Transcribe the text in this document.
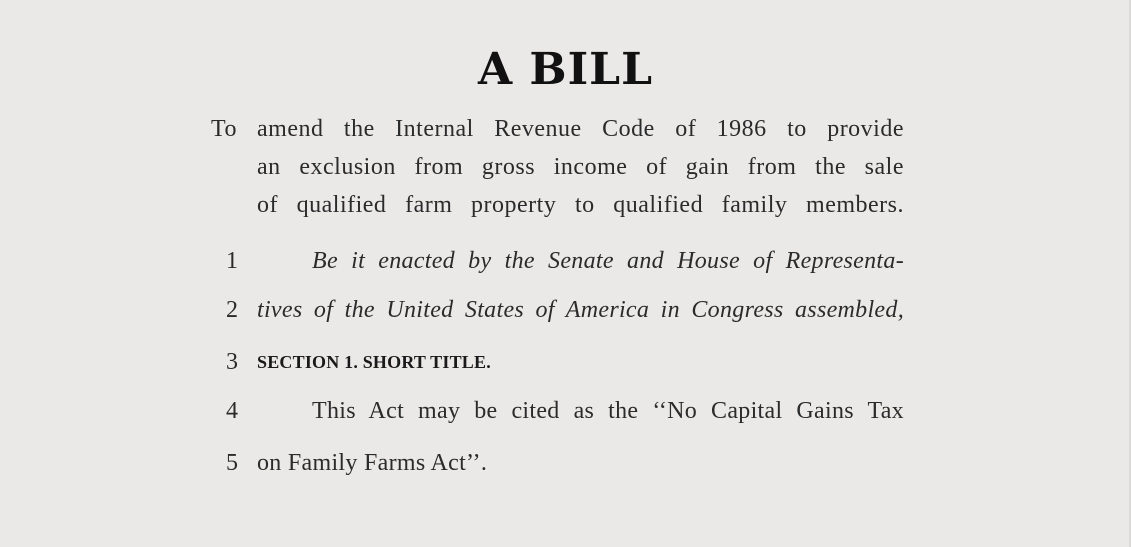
A BILL
To amend the Internal Revenue Code of 1986 to provide
an exclusion from gross income of gain from the sale
of qualified farm property to qualified family members.
1	Be it enacted by the Senate and House of Representa-
2 tives of the United States of America in Congress assembled,
3 SECTION 1. SHORT TITLE.
4	This Act may be cited as the ‘‘No Capital Gains Tax
5 on Family Farms Act’’.
